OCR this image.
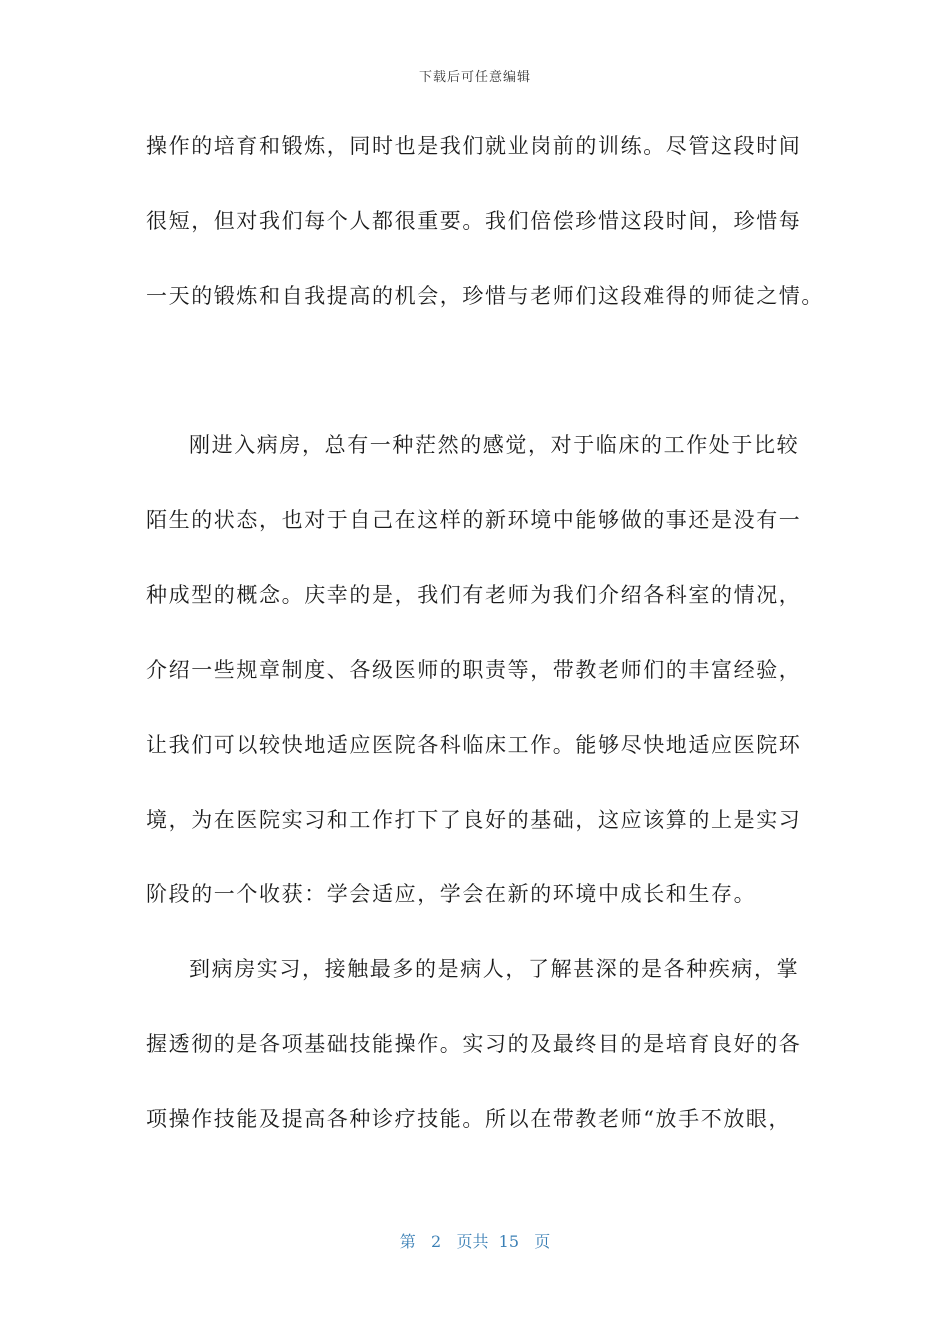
下载后可任意编辑
操作的培育和锻炼，同时也是我们就业岗前的训练。尽管这段时间
很短，但对我们每个人都很重要。我们倍偿珍惜这段时间，珍惜每
一天的锻炼和自我提高的机会，珍惜与老师们这段难得的师徒之情。
刚进入病房，总有一种茫然的感觉，对于临床的工作处于比较
陌生的状态，也对于自己在这样的新环境中能够做的事还是没有一
种成型的概念。庆幸的是，我们有老师为我们介绍各科室的情况，
介绍一些规章制度、各级医师的职责等，带教老师们的丰富经验，
让我们可以较快地适应医院各科临床工作。能够尽快地适应医院环
境，为在医院实习和工作打下了良好的基础，这应该算的上是实习
阶段的一个收获：学会适应，学会在新的环境中成长和生存。
到病房实习，接触最多的是病人，了解甚深的是各种疾病，掌
握透彻的是各项基础技能操作。实习的及最终目的是培育良好的各
项操作技能及提高各种诊疗技能。所以在带教老师“放手不放眼，
第 2 页共 15 页
